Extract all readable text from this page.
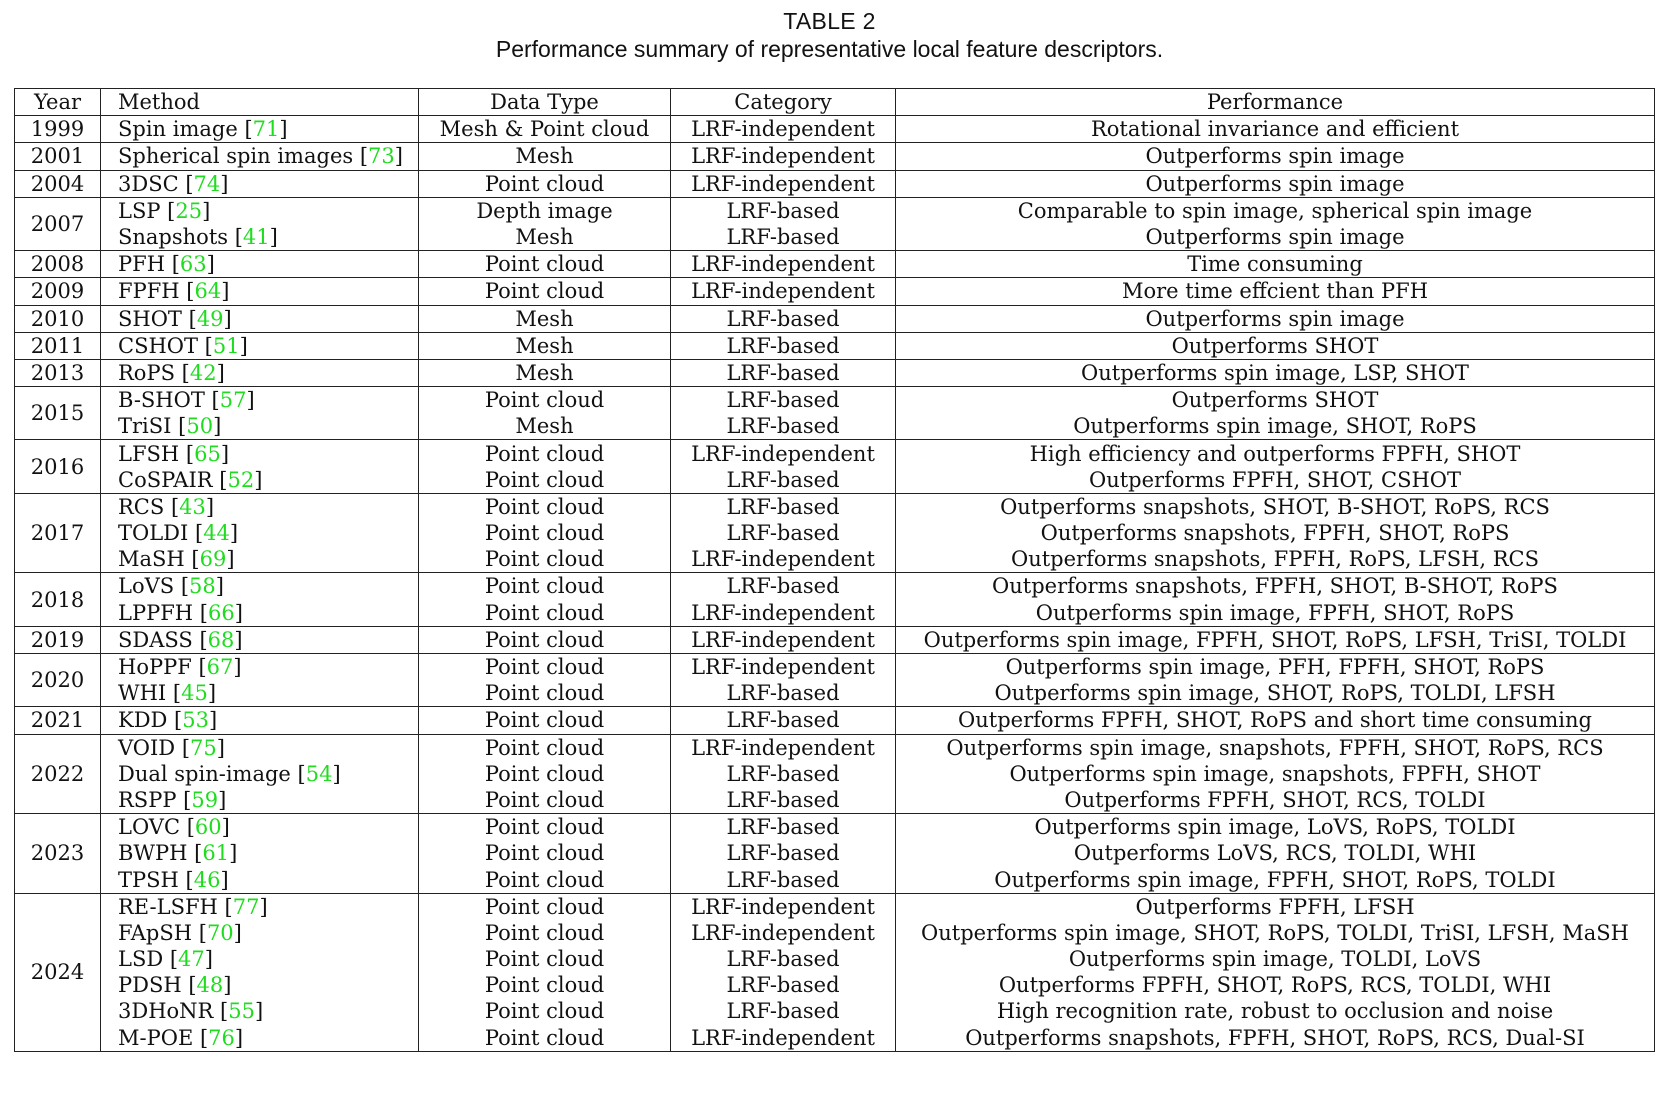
TABLE 2
Performance summary of representative local feature descriptors.
Year	Method	Data Type	Category	Performance
1999	Spin image [71]	Mesh & Point cloud	LRF-independent	Rotational invariance and efficient
2001	Spherical spin images [73]	Mesh	LRF-independent	Outperforms spin image
2004	3DSC [74]	Point cloud	LRF-independent	Outperforms spin image
2007	LSP [25]	Depth image	LRF-based	Comparable to spin image, spherical spin image
	Snapshots [41]	Mesh	LRF-based	Outperforms spin image
2008	PFH [63]	Point cloud	LRF-independent	Time consuming
2009	FPFH [64]	Point cloud	LRF-independent	More time effcient than PFH
2010	SHOT [49]	Mesh	LRF-based	Outperforms spin image
2011	CSHOT [51]	Mesh	LRF-based	Outperforms SHOT
2013	RoPS [42]	Mesh	LRF-based	Outperforms spin image, LSP, SHOT
2015	B-SHOT [57]	Point cloud	LRF-based	Outperforms SHOT
	TriSI [50]	Mesh	LRF-based	Outperforms spin image, SHOT, RoPS
2016	LFSH [65]	Point cloud	LRF-independent	High efficiency and outperforms FPFH, SHOT
	CoSPAIR [52]	Point cloud	LRF-based	Outperforms FPFH, SHOT, CSHOT
2017	RCS [43]	Point cloud	LRF-based	Outperforms snapshots, SHOT, B-SHOT, RoPS, RCS
	TOLDI [44]	Point cloud	LRF-based	Outperforms snapshots, FPFH, SHOT, RoPS
	MaSH [69]	Point cloud	LRF-independent	Outperforms snapshots, FPFH, RoPS, LFSH, RCS
2018	LoVS [58]	Point cloud	LRF-based	Outperforms snapshots, FPFH, SHOT, B-SHOT, RoPS
	LPPFH [66]	Point cloud	LRF-independent	Outperforms spin image, FPFH, SHOT, RoPS
2019	SDASS [68]	Point cloud	LRF-independent	Outperforms spin image, FPFH, SHOT, RoPS, LFSH, TriSI, TOLDI
2020	HoPPF [67]	Point cloud	LRF-independent	Outperforms spin image, PFH, FPFH, SHOT, RoPS
	WHI [45]	Point cloud	LRF-based	Outperforms spin image, SHOT, RoPS, TOLDI, LFSH
2021	KDD [53]	Point cloud	LRF-based	Outperforms FPFH, SHOT, RoPS and short time consuming
2022	VOID [75]	Point cloud	LRF-independent	Outperforms spin image, snapshots, FPFH, SHOT, RoPS, RCS
	Dual spin-image [54]	Point cloud	LRF-based	Outperforms spin image, snapshots, FPFH, SHOT
	RSPP [59]	Point cloud	LRF-based	Outperforms FPFH, SHOT, RCS, TOLDI
2023	LOVC [60]	Point cloud	LRF-based	Outperforms spin image, LoVS, RoPS, TOLDI
	BWPH [61]	Point cloud	LRF-based	Outperforms LoVS, RCS, TOLDI, WHI
	TPSH [46]	Point cloud	LRF-based	Outperforms spin image, FPFH, SHOT, RoPS, TOLDI
2024	RE-LSFH [77]	Point cloud	LRF-independent	Outperforms FPFH, LFSH
	FApSH [70]	Point cloud	LRF-independent	Outperforms spin image, SHOT, RoPS, TOLDI, TriSI, LFSH, MaSH
	LSD [47]	Point cloud	LRF-based	Outperforms spin image, TOLDI, LoVS
	PDSH [48]	Point cloud	LRF-based	Outperforms FPFH, SHOT, RoPS, RCS, TOLDI, WHI
	3DHoNR [55]	Point cloud	LRF-based	High recognition rate, robust to occlusion and noise
	M-POE [76]	Point cloud	LRF-independent	Outperforms snapshots, FPFH, SHOT, RoPS, RCS, Dual-SI
